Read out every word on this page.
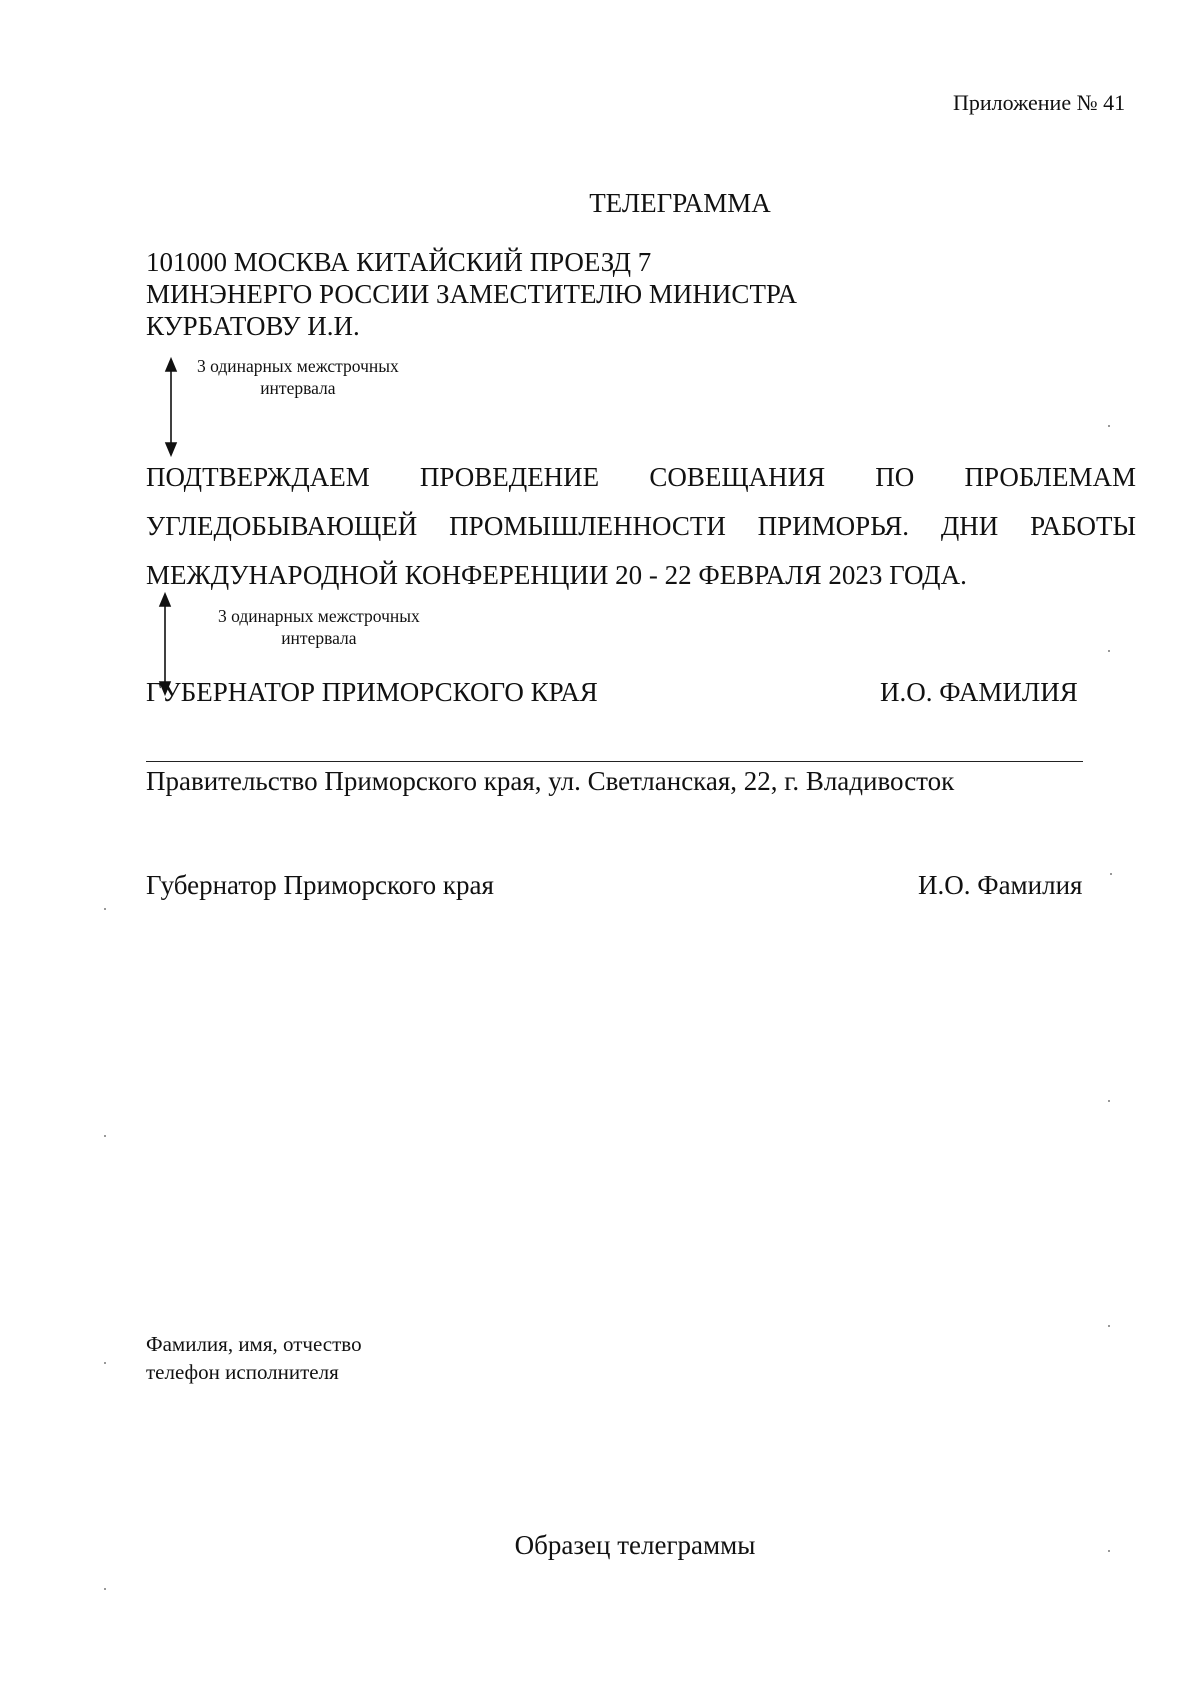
Приложение № 41
ТЕЛЕГРАММА
101000 МОСКВА КИТАЙСКИЙ ПРОЕЗД 7
МИНЭНЕРГО РОССИИ ЗАМЕСТИТЕЛЮ МИНИСТРА
КУРБАТОВУ И.И.
3 одинарных межстрочных
интервала
ПОДТВЕРЖДАЕМ ПРОВЕДЕНИЕ СОВЕЩАНИЯ ПО ПРОБЛЕМАМ УГЛЕДОБЫВАЮЩЕЙ ПРОМЫШЛЕННОСТИ ПРИМОРЬЯ. ДНИ РАБОТЫ МЕЖДУНАРОДНОЙ КОНФЕРЕНЦИИ 20 - 22 ФЕВРАЛЯ 2023 ГОДА.
3 одинарных межстрочных
интервала
ГУБЕРНАТОР ПРИМОРСКОГО КРАЯ	И.О. ФАМИЛИЯ
Правительство Приморского края, ул. Светланская, 22, г. Владивосток
Губернатор Приморского края	И.О. Фамилия
Фамилия, имя, отчество
телефон исполнителя
Образец телеграммы
